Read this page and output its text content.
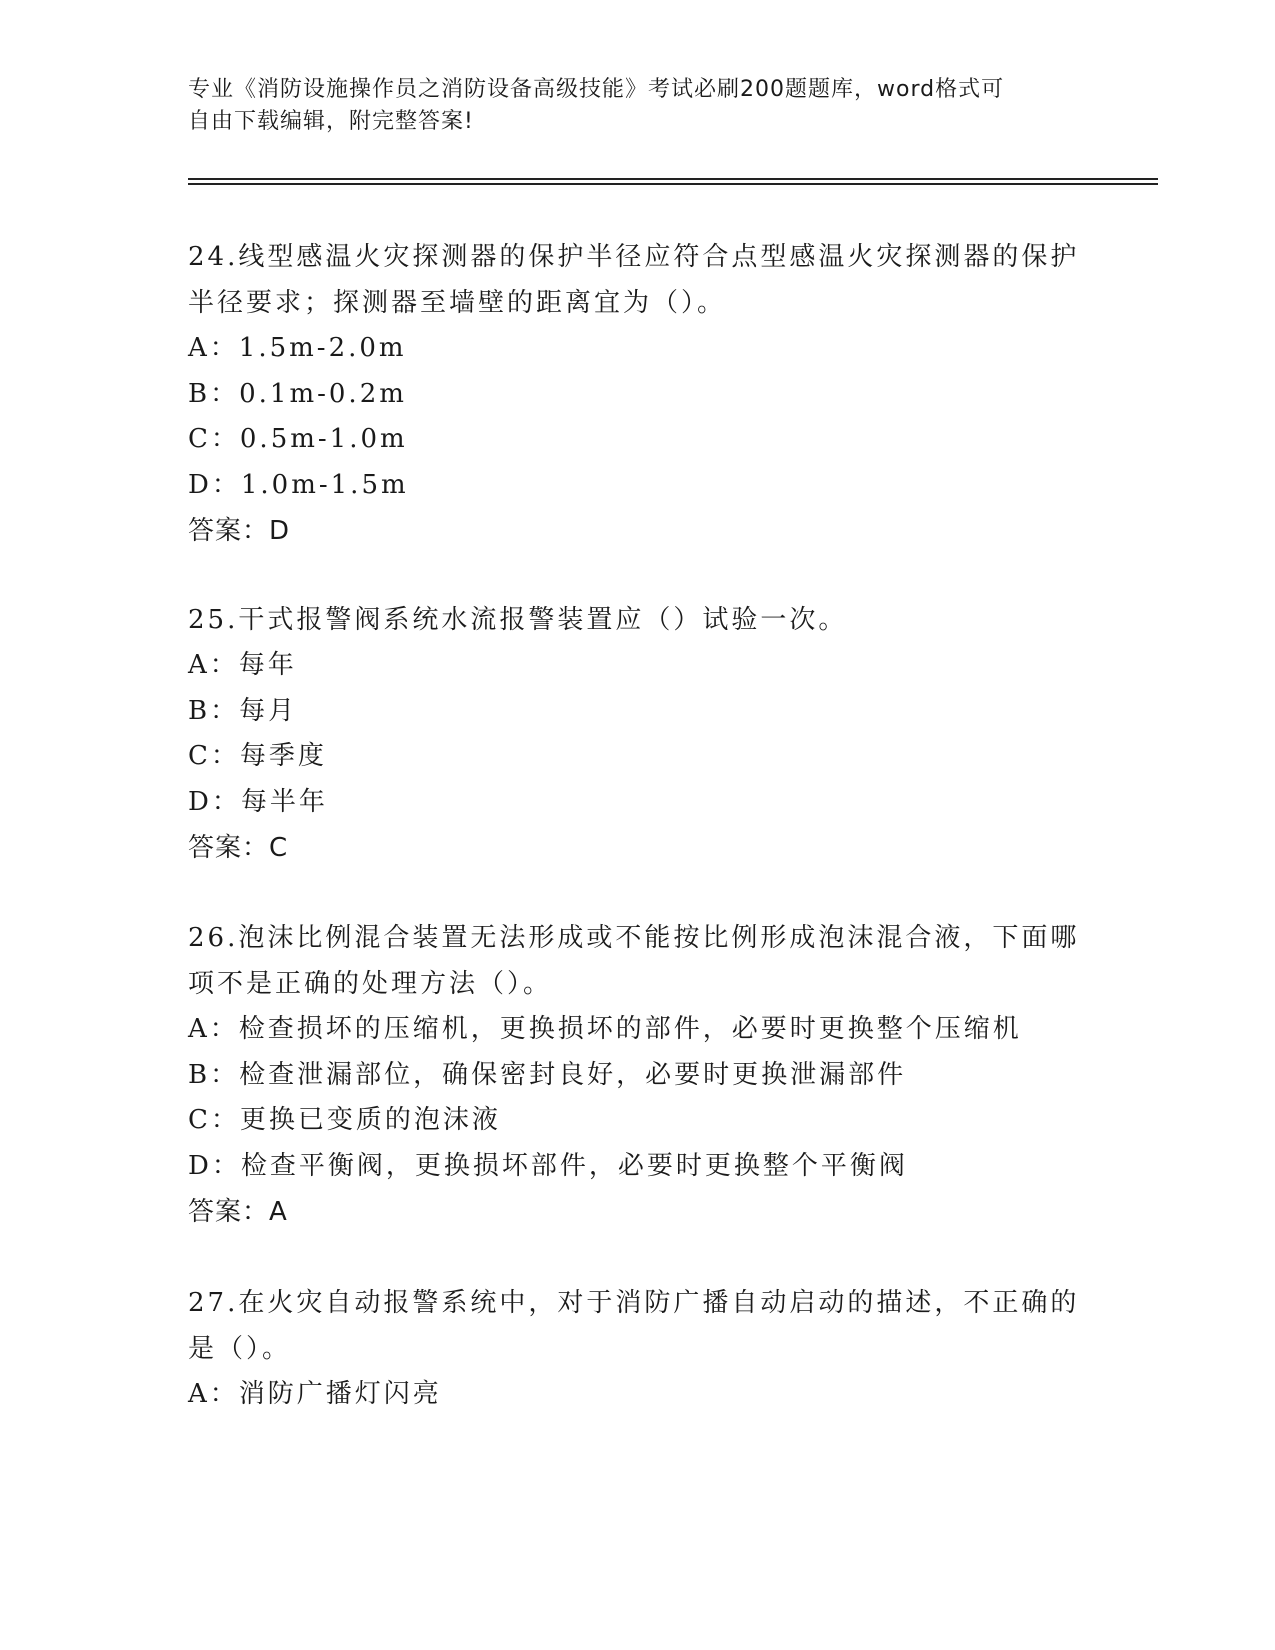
专业《消防设施操作员之消防设备高级技能》考试必刷200题题库，word格式可
自由下载编辑，附完整答案!
24.线型感温火灾探测器的保护半径应符合点型感温火灾探测器的保护
半径要求；探测器至墙壁的距离宜为（）。
A：1.5m-2.0m
B：0.1m-0.2m
C：0.5m-1.0m
D：1.0m-1.5m
答案：D
25.干式报警阀系统水流报警装置应（）试验一次。
A：每年
B：每月
C：每季度
D：每半年
答案：C
26.泡沫比例混合装置无法形成或不能按比例形成泡沫混合液，下面哪
项不是正确的处理方法（）。
A：检查损坏的压缩机，更换损坏的部件，必要时更换整个压缩机
B：检查泄漏部位，确保密封良好，必要时更换泄漏部件
C：更换已变质的泡沫液
D：检查平衡阀，更换损坏部件，必要时更换整个平衡阀
答案：A
27.在火灾自动报警系统中，对于消防广播自动启动的描述，不正确的
是（）。
A：消防广播灯闪亮
